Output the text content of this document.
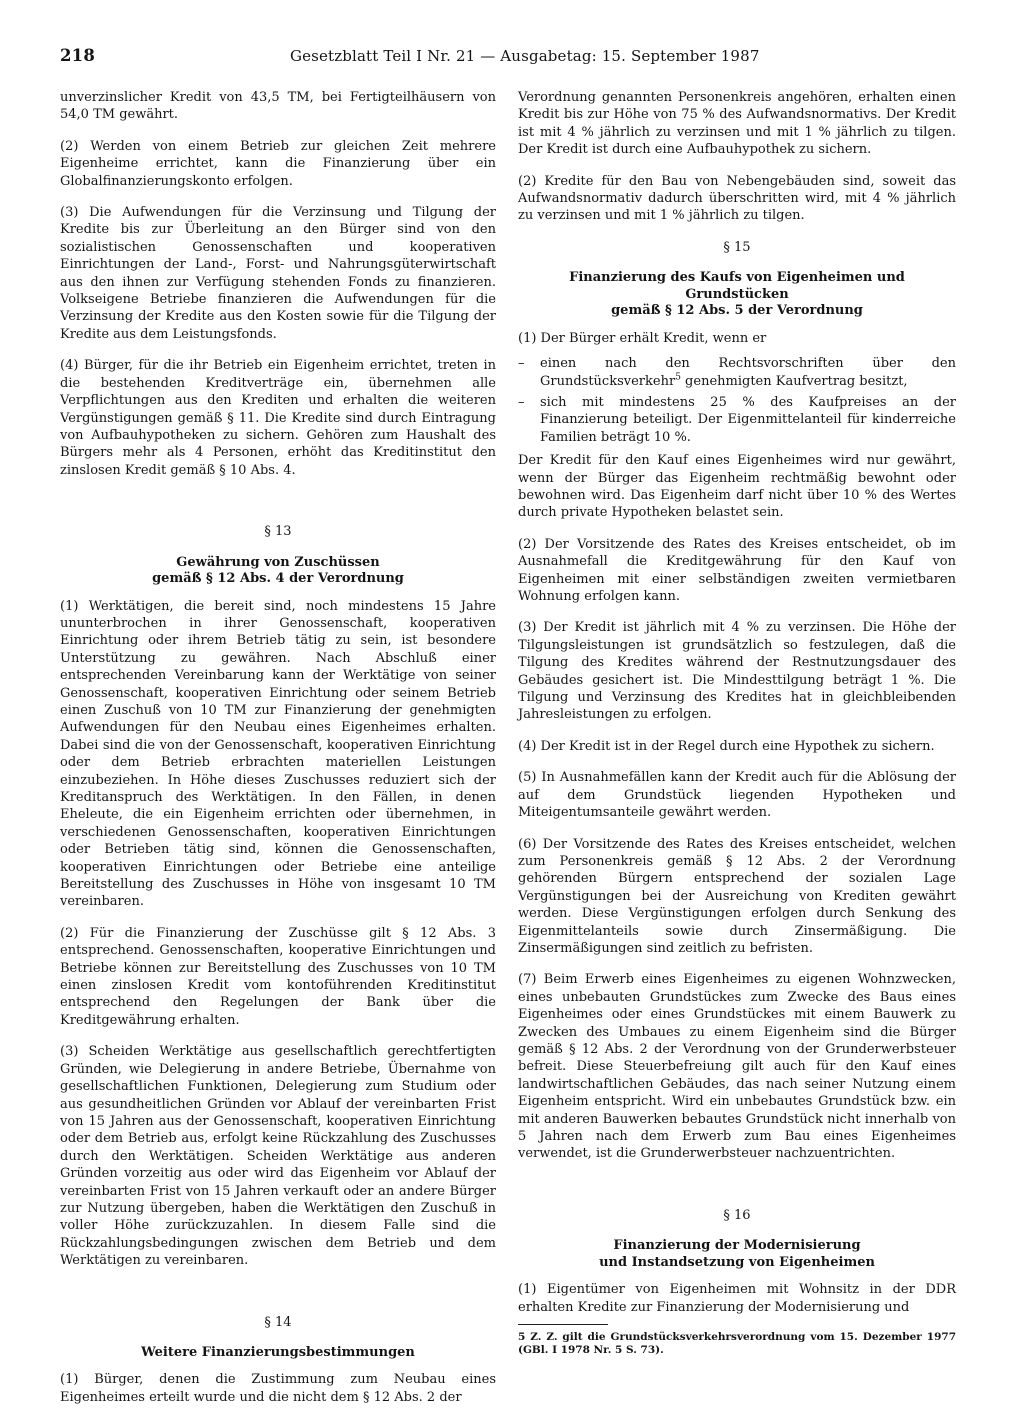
218	Gesetzblatt Teil I Nr. 21 — Ausgabetag: 15. September 1987

unverzinslicher Kredit von 43,5 TM, bei Fertigteilhäusern von 54,0 TM gewährt.

(2) Werden von einem Betrieb zur gleichen Zeit mehrere Eigenheime errichtet, kann die Finanzierung über ein Globalfinanzierungskonto erfolgen.

(3) Die Aufwendungen für die Verzinsung und Tilgung der Kredite bis zur Überleitung an den Bürger sind von den sozialistischen Genossenschaften und kooperativen Einrichtungen der Land-, Forst- und Nahrungsgüterwirtschaft aus den ihnen zur Verfügung stehenden Fonds zu finanzieren. Volkseigene Betriebe finanzieren die Aufwendungen für die Verzinsung der Kredite aus den Kosten sowie für die Tilgung der Kredite aus dem Leistungsfonds.

(4) Bürger, für die ihr Betrieb ein Eigenheim errichtet, treten in die bestehenden Kreditverträge ein, übernehmen alle Verpflichtungen aus den Krediten und erhalten die weiteren Vergünstigungen gemäß § 11. Die Kredite sind durch Eintragung von Aufbauhypotheken zu sichern. Gehören zum Haushalt des Bürgers mehr als 4 Personen, erhöht das Kreditinstitut den zinslosen Kredit gemäß § 10 Abs. 4.

§ 13
Gewährung von Zuschüssen
gemäß § 12 Abs. 4 der Verordnung

(1) Werktätigen, die bereit sind, noch mindestens 15 Jahre ununterbrochen in ihrer Genossenschaft, kooperativen Einrichtung oder ihrem Betrieb tätig zu sein, ist besondere Unterstützung zu gewähren. Nach Abschluß einer entsprechenden Vereinbarung kann der Werktätige von seiner Genossenschaft, kooperativen Einrichtung oder seinem Betrieb einen Zuschuß von 10 TM zur Finanzierung der genehmigten Aufwendungen für den Neubau eines Eigenheimes erhalten. Dabei sind die von der Genossenschaft, kooperativen Einrichtung oder dem Betrieb erbrachten materiellen Leistungen einzubeziehen. In Höhe dieses Zuschusses reduziert sich der Kreditanspruch des Werktätigen. In den Fällen, in denen Eheleute, die ein Eigenheim errichten oder übernehmen, in verschiedenen Genossenschaften, kooperativen Einrichtungen oder Betrieben tätig sind, können die Genossenschaften, kooperativen Einrichtungen oder Betriebe eine anteilige Bereitstellung des Zuschusses in Höhe von insgesamt 10 TM vereinbaren.

(2) Für die Finanzierung der Zuschüsse gilt § 12 Abs. 3 entsprechend. Genossenschaften, kooperative Einrichtungen und Betriebe können zur Bereitstellung des Zuschusses von 10 TM einen zinslosen Kredit vom kontoführenden Kreditinstitut entsprechend den Regelungen der Bank über die Kreditgewährung erhalten.

(3) Scheiden Werktätige aus gesellschaftlich gerechtfertigten Gründen, wie Delegierung in andere Betriebe, Übernahme von gesellschaftlichen Funktionen, Delegierung zum Studium oder aus gesundheitlichen Gründen vor Ablauf der vereinbarten Frist von 15 Jahren aus der Genossenschaft, kooperativen Einrichtung oder dem Betrieb aus, erfolgt keine Rückzahlung des Zuschusses durch den Werktätigen. Scheiden Werktätige aus anderen Gründen vorzeitig aus oder wird das Eigenheim vor Ablauf der vereinbarten Frist von 15 Jahren verkauft oder an andere Bürger zur Nutzung übergeben, haben die Werktätigen den Zuschuß in voller Höhe zurückzuzahlen. In diesem Falle sind die Rückzahlungsbedingungen zwischen dem Betrieb und dem Werktätigen zu vereinbaren.

§ 14
Weitere Finanzierungsbestimmungen

(1) Bürger, denen die Zustimmung zum Neubau eines Eigenheimes erteilt wurde und die nicht dem § 12 Abs. 2 der

Verordnung genannten Personenkreis angehören, erhalten einen Kredit bis zur Höhe von 75 % des Aufwandsnormativs. Der Kredit ist mit 4 % jährlich zu verzinsen und mit 1 % jährlich zu tilgen. Der Kredit ist durch eine Aufbauhypothek zu sichern.

(2) Kredite für den Bau von Nebengebäuden sind, soweit das Aufwandsnormativ dadurch überschritten wird, mit 4 % jährlich zu verzinsen und mit 1 % jährlich zu tilgen.

§ 15
Finanzierung des Kaufs von Eigenheimen und Grundstücken
gemäß § 12 Abs. 5 der Verordnung

(1) Der Bürger erhält Kredit, wenn er

– einen nach den Rechtsvorschriften über den Grundstücksverkehr$^5$ genehmigten Kaufvertrag besitzt,
– sich mit mindestens 25 % des Kaufpreises an der Finanzierung beteiligt. Der Eigenmittelanteil für kinderreiche Familien beträgt 10 %.

Der Kredit für den Kauf eines Eigenheimes wird nur gewährt, wenn der Bürger das Eigenheim rechtmäßig bewohnt oder bewohnen wird. Das Eigenheim darf nicht über 10 % des Wertes durch private Hypotheken belastet sein.

(2) Der Vorsitzende des Rates des Kreises entscheidet, ob im Ausnahmefall die Kreditgewährung für den Kauf von Eigenheimen mit einer selbständigen zweiten vermietbaren Wohnung erfolgen kann.

(3) Der Kredit ist jährlich mit 4 % zu verzinsen. Die Höhe der Tilgungsleistungen ist grundsätzlich so festzulegen, daß die Tilgung des Kredites während der Restnutzungsdauer des Gebäudes gesichert ist. Die Mindesttilgung beträgt 1 %. Die Tilgung und Verzinsung des Kredites hat in gleichbleibenden Jahresleistungen zu erfolgen.

(4) Der Kredit ist in der Regel durch eine Hypothek zu sichern.

(5) In Ausnahmefällen kann der Kredit auch für die Ablösung der auf dem Grundstück liegenden Hypotheken und Miteigentumsanteile gewährt werden.

(6) Der Vorsitzende des Rates des Kreises entscheidet, welchen zum Personenkreis gemäß § 12 Abs. 2 der Verordnung gehörenden Bürgern entsprechend der sozialen Lage Vergünstigungen bei der Ausreichung von Krediten gewährt werden. Diese Vergünstigungen erfolgen durch Senkung des Eigenmittelanteils sowie durch Zinsermäßigung. Die Zinsermäßigungen sind zeitlich zu befristen.

(7) Beim Erwerb eines Eigenheimes zu eigenen Wohnzwecken, eines unbebauten Grundstückes zum Zwecke des Baus eines Eigenheimes oder eines Grundstückes mit einem Bauwerk zu Zwecken des Umbaues zu einem Eigenheim sind die Bürger gemäß § 12 Abs. 2 der Verordnung von der Grunderwerbsteuer befreit. Diese Steuerbefreiung gilt auch für den Kauf eines landwirtschaftlichen Gebäudes, das nach seiner Nutzung einem Eigenheim entspricht. Wird ein unbebautes Grundstück bzw. ein mit anderen Bauwerken bebautes Grundstück nicht innerhalb von 5 Jahren nach dem Erwerb zum Bau eines Eigenheimes verwendet, ist die Grunderwerbsteuer nachzuentrichten.

§ 16
Finanzierung der Modernisierung
und Instandsetzung von Eigenheimen

(1) Eigentümer von Eigenheimen mit Wohnsitz in der DDR erhalten Kredite zur Finanzierung der Modernisierung und

5 Z. Z. gilt die Grundstücksverkehrsverordnung vom 15. Dezember 1977 (GBl. I 1978 Nr. 5 S. 73).
